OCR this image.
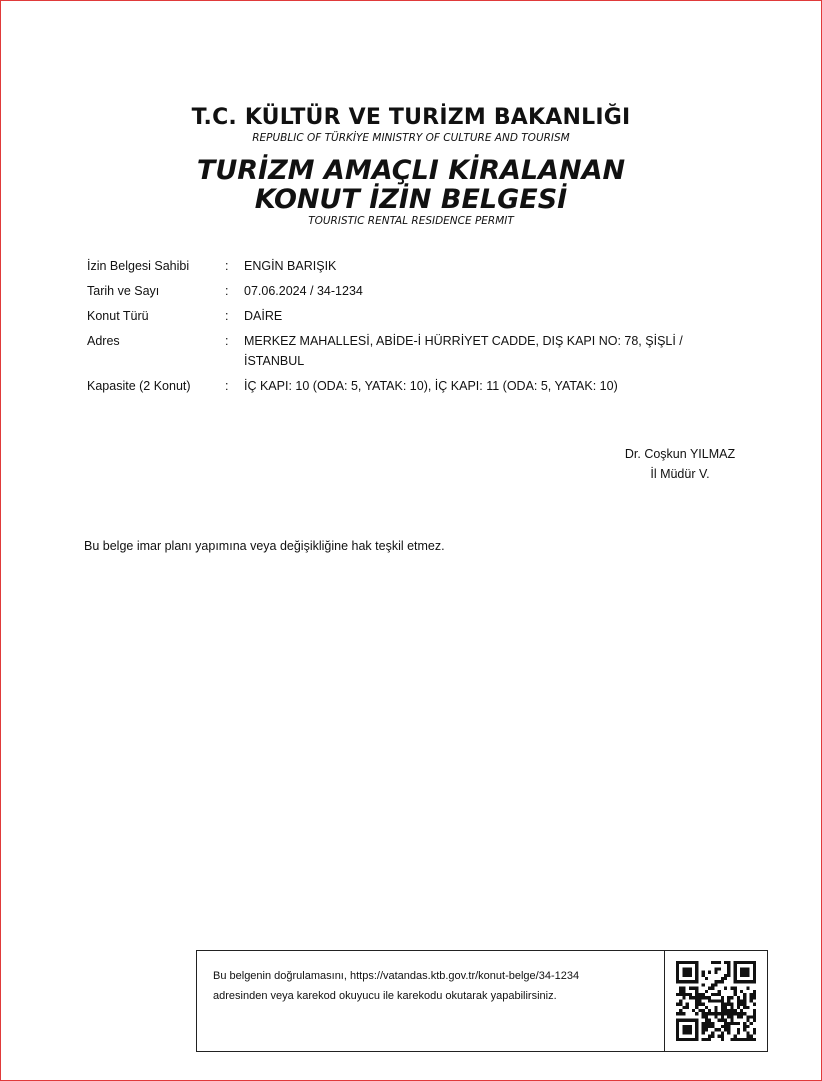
T.C. KÜLTÜR VE TURİZM BAKANLIĞI
REPUBLIC OF TÜRKİYE MINISTRY OF CULTURE AND TOURISM
TURİZM AMAÇLI KİRALANAN
KONUT İZİN BELGESİ
TOURISTIC RENTAL RESIDENCE PERMIT
İzin Belgesi Sahibi	:	ENGİN BARIŞIK
Tarih ve Sayı	:	07.06.2024 / 34-1234
Konut Türü	:	DAİRE
Adres	:	MERKEZ MAHALLESİ, ABİDE-İ HÜRRİYET CADDE, DIŞ KAPI NO: 78, ŞİŞLİ /
İSTANBUL
Kapasite (2 Konut)	:	İÇ KAPI: 10 (ODA: 5, YATAK: 10), İÇ KAPI: 11 (ODA: 5, YATAK: 10)
Dr. Coşkun YILMAZ
İl Müdür V.
Bu belge imar planı yapımına veya değişikliğine hak teşkil etmez.
Bu belgenin doğrulamasını, https://vatandas.ktb.gov.tr/konut-belge/34-1234
adresinden veya karekod okuyucu ile karekodu okutarak yapabilirsiniz.
